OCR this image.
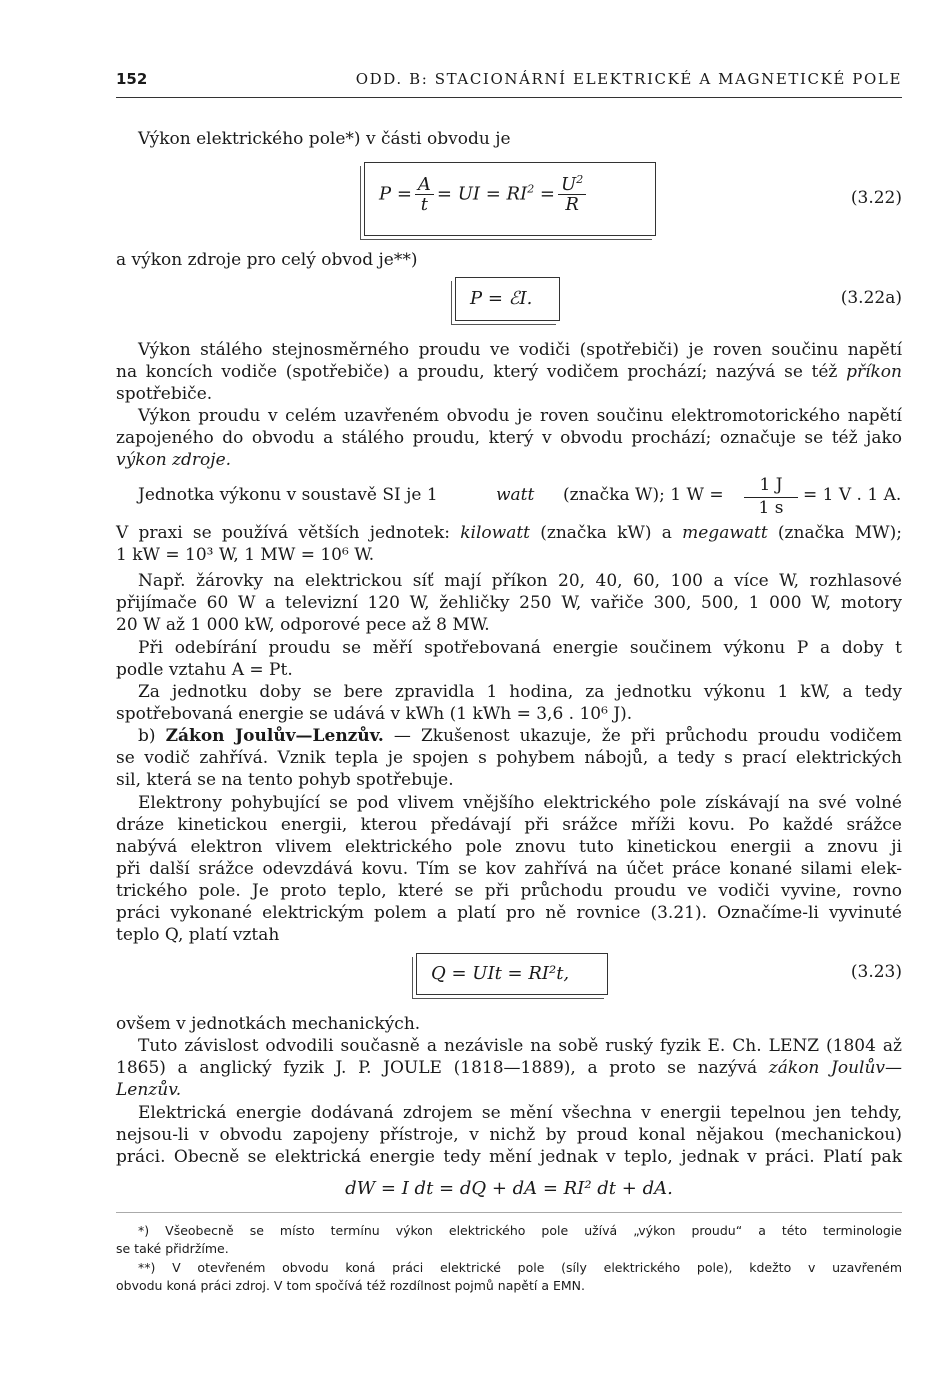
152	ODD. B: STACIONÁRNÍ ELEKTRICKÉ A MAGNETICKÉ POLE
Výkon elektrického pole*) v části obvodu je
$P = \frac{A}{t}$ = UI = $RI^2 = \frac{U^2}{R}$	(3.22)
a výkon zdroje pro celý obvod je**)
P = ℰI.	(3.22a)
Výkon stálého stejnosměrného proudu ve vodiči (spotřebiči) je roven součinu napětí
na koncích vodiče (spotřebiče) a proudu, který vodičem prochází; nazývá se též příkon
spotřebiče.
Výkon proudu v celém uzavřeném obvodu je roven součinu elektromotorického napětí
zapojeného do obvodu a stálého proudu, který v obvodu prochází; označuje se též jako
výkon zdroje.
Jednotka výkonu v soustavě SI je 1	watt (značka W); 1 W =	1 J
1 s
= 1 V . 1 A.
V praxi se používá větších jednotek: kilowatt (značka kW) a megawatt (značka MW);
1 kW = 10³ W, 1 MW = 10⁶ W.
Např. žárovky na elektrickou síť mají příkon 20, 40, 60, 100 a více W, rozhlasové
přijímače 60 W a televizní 120 W, žehličky 250 W, vařiče 300, 500, 1 000 W, motory
20 W až 1 000 kW, odporové pece až 8 MW.
Při odebírání proudu se měří spotřebovaná energie součinem výkonu P a doby t
podle vztahu A = Pt.
Za jednotku doby se bere zpravidla 1 hodina, za jednotku výkonu 1 kW, a tedy
spotřebovaná energie se udává v kWh (1 kWh = 3,6 . 10⁶ J).
b) Zákon Joulův—Lenzův. — Zkušenost ukazuje, že při průchodu proudu vodičem
se vodič zahřívá. Vznik tepla je spojen s pohybem nábojů, a tedy s prací elektrických
sil, která se na tento pohyb spotřebuje.
Elektrony pohybující se pod vlivem vnějšího elektrického pole získávají na své volné
dráze kinetickou energii, kterou předávají při srážce mříži kovu. Po každé srážce
nabývá elektron vlivem elektrického pole znovu tuto kinetickou energii a znovu ji
při další srážce odevzdává kovu. Tím se kov zahřívá na účet práce konané silami elek-
trického pole. Je proto teplo, které se při průchodu proudu ve vodiči vyvine, rovno
práci vykonané elektrickým polem a platí pro ně rovnice (3.21). Označíme-li vyvinuté
teplo Q, platí vztah
Q = UIt = RI²t,	(3.23)
ovšem v jednotkách mechanických.
Tuto závislost odvodili současně a nezávisle na sobě ruský fyzik E. Ch. LENZ (1804 až
1865) a anglický fyzik J. P. JOULE (1818—1889), a proto se nazývá zákon Joulův—
Lenzův.
Elektrická energie dodávaná zdrojem se mění všechna v energii tepelnou jen tehdy,
nejsou-li v obvodu zapojeny přístroje, v nichž by proud konal nějakou (mechanickou)
práci. Obecně se elektrická energie tedy mění jednak v teplo, jednak v práci. Platí pak
dW = I dt = dQ + dA = RI² dt + dA.
*) Všeobecně se místo termínu výkon elektrického pole užívá „výkon proudu“ a této terminologie
se také přidržíme.
**) V otevřeném obvodu koná práci elektrické pole (síly elektrického pole), kdežto v uzavřeném
obvodu koná práci zdroj. V tom spočívá též rozdílnost pojmů napětí a EMN.
